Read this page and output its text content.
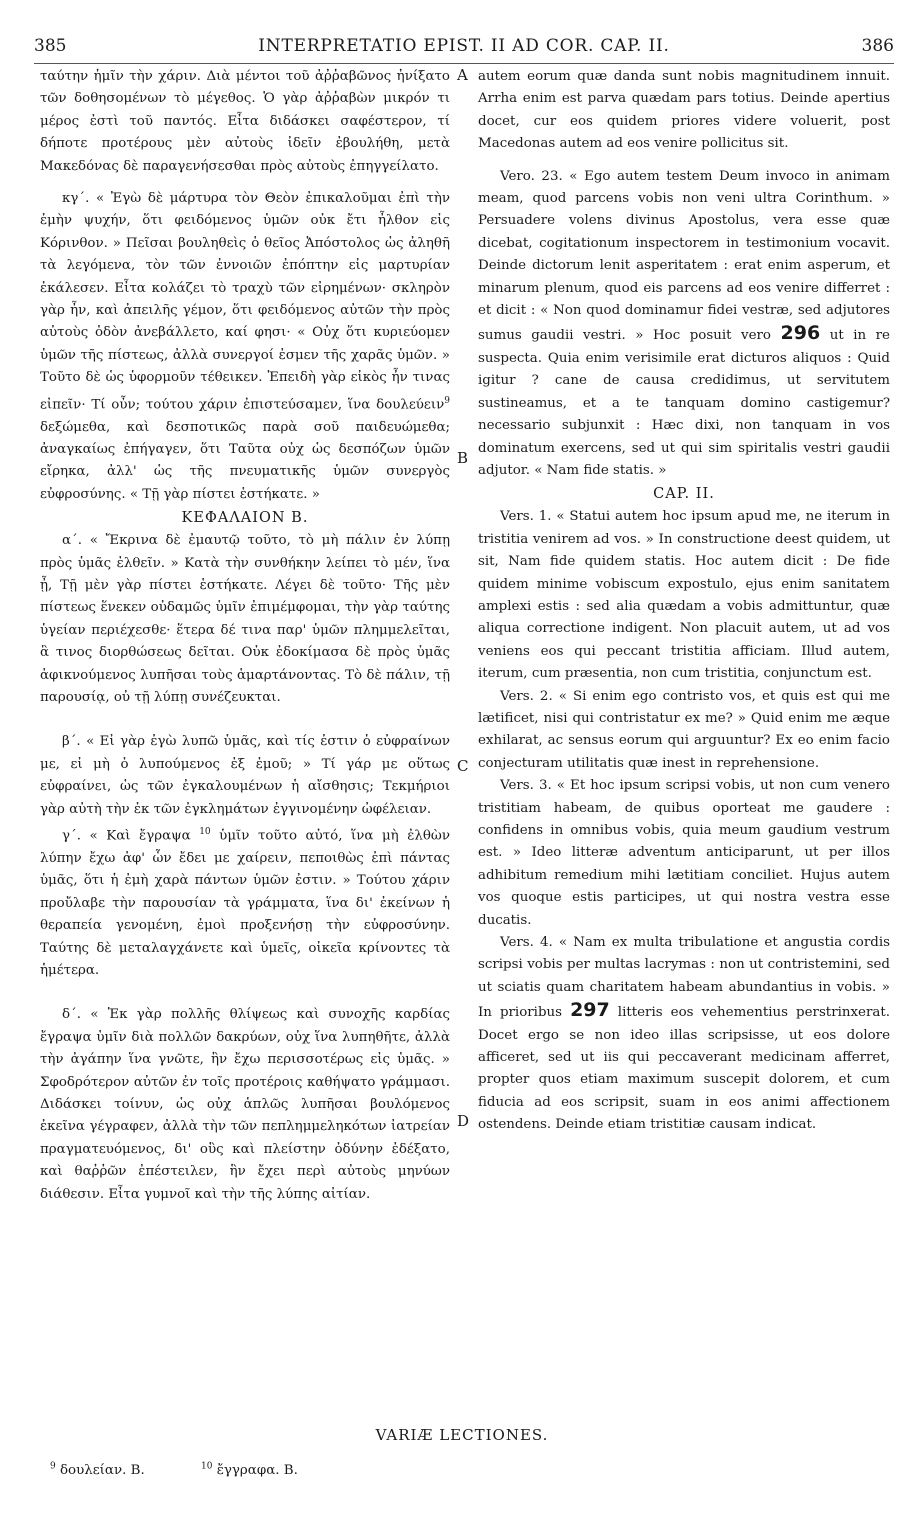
385	INTERPRETATIO EPIST. II AD COR. CAP. II.	386
A
B
C
D

ταύτην ἡμῖν τὴν χάριν. Διὰ μέντοι τοῦ ἀῤῥαβῶνος ἠνίξατο τῶν δοθησομένων τὸ μέγεθος. Ὁ γὰρ ἀῤῥαβὼν μικρόν τι μέρος ἐστὶ τοῦ παντός. Εἶτα διδάσκει σαφέστερον, τί δήποτε προτέρους μὲν αὐτοὺς ἰδεῖν ἐβουλήθη, μετὰ Μακεδόνας δὲ παραγενήσεσθαι πρὸς αὐτοὺς ἐπηγγείλατο.

κγ΄. « Ἐγὼ δὲ μάρτυρα τὸν Θεὸν ἐπικαλοῦμαι ἐπὶ τὴν ἐμὴν ψυχήν, ὅτι φειδόμενος ὑμῶν οὐκ ἔτι ἦλθον εἰς Κόρινθον. » Πεῖσαι βουληθεὶς ὁ θεῖος Ἀπόστολος ὡς ἀληθῆ τὰ λεγόμενα, τὸν τῶν ἐννοιῶν ἐπόπτην εἰς μαρτυρίαν ἐκάλεσεν. Εἶτα κολάζει τὸ τραχὺ τῶν εἰρημένων· σκληρὸν γὰρ ἦν, καὶ ἀπειλῆς γέμον, ὅτι φειδόμενος αὐτῶν τὴν πρὸς αὐτοὺς ὁδὸν ἀνεβάλλετο, καί φησι· « Οὐχ ὅτι κυριεύομεν ὑμῶν τῆς πίστεως, ἀλλὰ συνεργοί ἐσμεν τῆς χαρᾶς ὑμῶν. » Τοῦτο δὲ ὡς ὑφορμοῦν τέθεικεν. Ἐπειδὴ γὰρ εἰκὸς ἦν τινας εἰπεῖν· Τί οὖν; τούτου χάριν ἐπιστεύσαμεν, ἵνα δουλεύειν$^9$ δεξώμεθα, καὶ δεσποτικῶς παρὰ σοῦ παιδευώμεθα; ἀναγκαίως ἐπήγαγεν, ὅτι Ταῦτα οὐχ ὡς δεσπόζων ὑμῶν εἴρηκα, ἀλλ' ὡς τῆς πνευματικῆς ὑμῶν συνεργὸς εὐφροσύνης. « Τῇ γὰρ πίστει ἑστήκατε. »

ΚΕΦΑΛΑΙΟΝ Β.

α΄. « Ἔκρινα δὲ ἐμαυτῷ τοῦτο, τὸ μὴ πάλιν ἐν λύπῃ πρὸς ὑμᾶς ἐλθεῖν. » Κατὰ τὴν συνθήκην λείπει τὸ μέν, ἵνα ᾖ, Τῇ μὲν γὰρ πίστει ἑστήκατε. Λέγει δὲ τοῦτο· Τῆς μὲν πίστεως ἕνεκεν οὐδαμῶς ὑμῖν ἐπιμέμφομαι, τὴν γὰρ ταύτης ὑγείαν περιέχεσθε· ἕτερα δέ τινα παρ' ὑμῶν πλημμελεῖται, ἃ τινος διορθώσεως δεῖται. Οὐκ ἐδοκίμασα δὲ πρὸς ὑμᾶς ἀφικνούμενος λυπῆσαι τοὺς ἁμαρτάνοντας. Τὸ δὲ πάλιν, τῇ παρουσίᾳ, οὐ τῇ λύπῃ συνέζευκται.

β΄. « Εἰ γὰρ ἐγὼ λυπῶ ὑμᾶς, καὶ τίς ἐστιν ὁ εὐφραίνων με, εἰ μὴ ὁ λυπούμενος ἐξ ἐμοῦ; » Τί γάρ με οὕτως εὐφραίνει, ὡς τῶν ἐγκαλουμένων ἡ αἴσθησις; Τεκμήριοι γὰρ αὐτὴ τὴν ἐκ τῶν ἐγκλημάτων ἐγγινομένην ὠφέλειαν.

γ΄. « Καὶ ἔγραψα $^{10}$ ὑμῖν τοῦτο αὐτό, ἵνα μὴ ἐλθὼν λύπην ἔχω ἀφ' ὧν ἔδει με χαίρειν, πεποιθὼς ἐπὶ πάντας ὑμᾶς, ὅτι ἡ ἐμὴ χαρὰ πάντων ὑμῶν ἐστιν. » Τούτου χάριν προὔλαβε τὴν παρουσίαν τὰ γράμματα, ἵνα δι' ἐκείνων ἡ θεραπεία γενομένη, ἐμοὶ προξενήσῃ τὴν εὐφροσύνην. Ταύτης δὲ μεταλαγχάνετε καὶ ὑμεῖς, οἰκεῖα κρίνοντες τὰ ἡμέτερα.

δ΄. « Ἐκ γὰρ πολλῆς θλίψεως καὶ συνοχῆς καρδίας ἔγραψα ὑμῖν διὰ πολλῶν δακρύων, οὐχ ἵνα λυπηθῆτε, ἀλλὰ τὴν ἀγάπην ἵνα γνῶτε, ἣν ἔχω περισσοτέρως εἰς ὑμᾶς. » Σφοδρότερον αὐτῶν ἐν τοῖς προτέροις καθήψατο γράμμασι. Διδάσκει τοίνυν, ὡς οὐχ ἁπλῶς λυπῆσαι βουλόμενος ἐκεῖνα γέγραφεν, ἀλλὰ τὴν τῶν πεπλημμεληκότων ἰατρείαν πραγματευόμενος, δι' οὓς καὶ πλείστην ὀδύνην ἐδέξατο, καὶ θαῤῥῶν ἐπέστειλεν, ἣν ἔχει περὶ αὐτοὺς μηνύων διάθεσιν. Εἶτα γυμνοῖ καὶ τὴν τῆς λύπης αἰτίαν.

autem eorum quæ danda sunt nobis magnitudinem innuit. Arrha enim est parva quædam pars totius. Deinde apertius docet, cur eos quidem priores videre voluerit, post Macedonas autem ad eos venire pollicitus sit.

Vero. 23. « Ego autem testem Deum invoco in animam meam, quod parcens vobis non veni ultra Corinthum. » Persuadere volens divinus Apostolus, vera esse quæ dicebat, cogitationum inspectorem in testimonium vocavit. Deinde dictorum lenit asperitatem : erat enim asperum, et minarum plenum, quod eis parcens ad eos venire differret : et dicit : « Non quod dominamur fidei vestræ, sed adjutores sumus gaudii vestri. » Hoc posuit vero 296 ut in re suspecta. Quia enim verisimile erat dicturos aliquos : Quid igitur ? cane de causa credidimus, ut servitutem sustineamus, et a te tanquam domino castigemur? necessario subjunxit : Hæc dixi, non tanquam in vos dominatum exercens, sed ut qui sim spiritalis vestri gaudii adjutor. « Nam fide statis. »

CAP. II.

Vers. 1. « Statui autem hoc ipsum apud me, ne iterum in tristitia venirem ad vos. » In constructione deest quidem, ut sit, Nam fide quidem statis. Hoc autem dicit : De fide quidem minime vobiscum expostulo, ejus enim sanitatem amplexi estis : sed alia quædam a vobis admittuntur, quæ aliqua correctione indigent. Non placuit autem, ut ad vos veniens eos qui peccant tristitia afficiam. Illud autem, iterum, cum præsentia, non cum tristitia, conjunctum est.

Vers. 2. « Si enim ego contristo vos, et quis est qui me lætificet, nisi qui contristatur ex me? » Quid enim me æque exhilarat, ac sensus eorum qui arguuntur? Ex eo enim facio conjecturam utilitatis quæ inest in reprehensione.

Vers. 3. « Et hoc ipsum scripsi vobis, ut non cum venero tristitiam habeam, de quibus oporteat me gaudere : confidens in omnibus vobis, quia meum gaudium vestrum est. » Ideo litteræ adventum anticiparunt, ut per illos adhibitum remedium mihi lætitiam conciliet. Hujus autem vos quoque estis participes, ut qui nostra vestra esse ducatis.

Vers. 4. « Nam ex multa tribulatione et angustia cordis scripsi vobis per multas lacrymas : non ut contristemini, sed ut sciatis quam charitatem habeam abundantius in vobis. » In prioribus 297 litteris eos vehementius perstrinxerat. Docet ergo se non ideo illas scripsisse, ut eos dolore afficeret, sed ut iis qui peccaverant medicinam afferret, propter quos etiam maximum suscepit dolorem, et cum fiducia ad eos scripsit, suam in eos animi affectionem ostendens. Deinde etiam tristitiæ causam indicat.

VARIÆ LECTIONES.
$^9$ δουλείαν. B.	$^{10}$ ἔγγραφα. B.
